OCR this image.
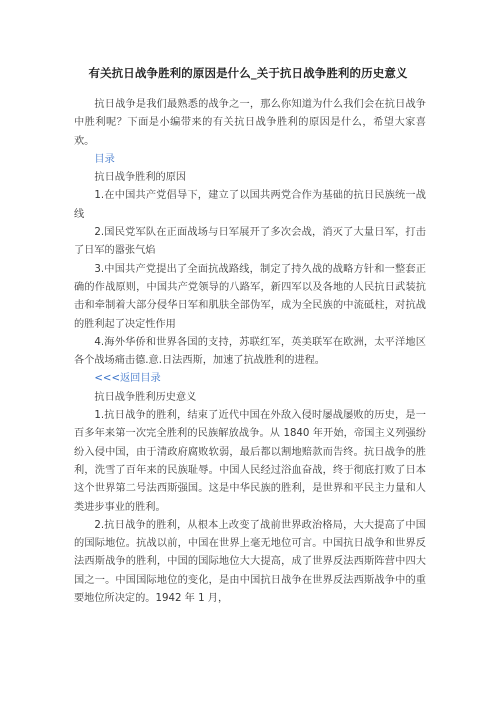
有关抗日战争胜利的原因是什么_关于抗日战争胜利的历史意义

抗日战争是我们最熟悉的战争之一，那么你知道为什么我们会在抗日战争中胜利呢？下面是小编带来的有关抗日战争胜利的原因是什么，希望大家喜欢。

目录

抗日战争胜利的原因

1.在中国共产党倡导下，建立了以国共两党合作为基础的抗日民族统一战线

2.国民党军队在正面战场与日军展开了多次会战，消灭了大量日军，打击了日军的嚣张气焰

3.中国共产党提出了全面抗战路线，制定了持久战的战略方针和一整套正确的作战原则，中国共产党领导的八路军，新四军以及各地的人民抗日武装抗击和牵制着大部分侵华日军和肌肤全部伪军，成为全民族的中流砥柱，对抗战的胜利起了决定性作用

4.海外华侨和世界各国的支持，苏联红军，英美联军在欧洲，太平洋地区各个战场痛击德.意.日法西斯，加速了抗战胜利的进程。

<<<返回目录

抗日战争胜利历史意义

1.抗日战争的胜利，结束了近代中国在外敌入侵时屡战屡败的历史，是一百多年来第一次完全胜利的民族解放战争。从 1840 年开始，帝国主义列强纷纷入侵中国，由于清政府腐败软弱，最后都以割地赔款而告终。抗日战争的胜利，洗雪了百年来的民族耻辱。中国人民经过浴血奋战，终于彻底打败了日本这个世界第二号法西斯强国。这是中华民族的胜利，是世界和平民主力量和人类进步事业的胜利。

2.抗日战争的胜利，从根本上改变了战前世界政治格局，大大提高了中国的国际地位。抗战以前，中国在世界上毫无地位可言。中国抗日战争和世界反法西斯战争的胜利，中国的国际地位大大提高，成了世界反法西斯阵营中四大国之一。中国国际地位的变化，是由中国抗日战争在世界反法西斯战争中的重要地位所决定的。1942 年 1 月，
